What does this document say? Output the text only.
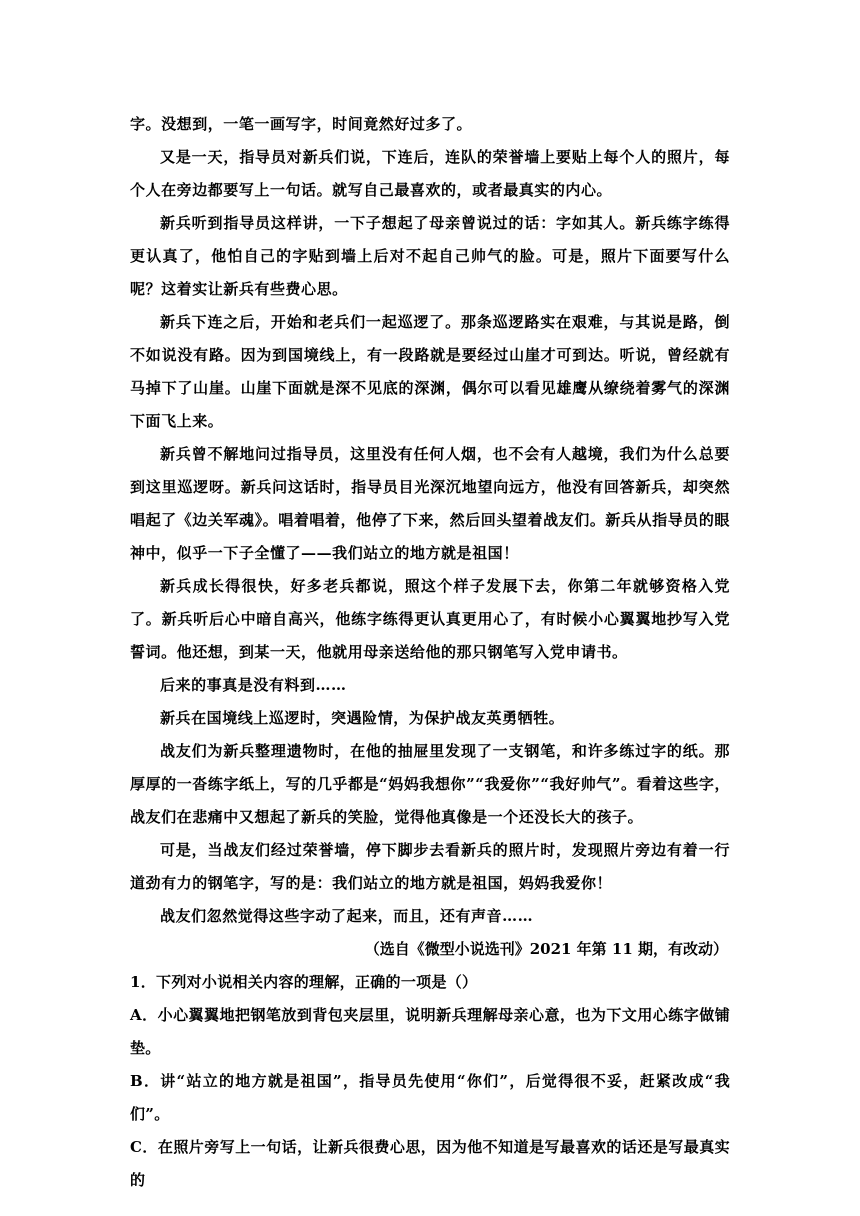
字。没想到，一笔一画写字，时间竟然好过多了。

又是一天，指导员对新兵们说，下连后，连队的荣誉墙上要贴上每个人的照片，每个人在旁边都要写上一句话。就写自己最喜欢的，或者最真实的内心。

新兵听到指导员这样讲，一下子想起了母亲曾说过的话：字如其人。新兵练字练得更认真了，他怕自己的字贴到墙上后对不起自己帅气的脸。可是，照片下面要写什么呢？这着实让新兵有些费心思。

新兵下连之后，开始和老兵们一起巡逻了。那条巡逻路实在艰难，与其说是路，倒不如说没有路。因为到国境线上，有一段路就是要经过山崖才可到达。听说，曾经就有马掉下了山崖。山崖下面就是深不见底的深渊，偶尔可以看见雄鹰从缭绕着雾气的深渊下面飞上来。

新兵曾不解地问过指导员，这里没有任何人烟，也不会有人越境，我们为什么总要到这里巡逻呀。新兵问这话时，指导员目光深沉地望向远方，他没有回答新兵，却突然唱起了《边关军魂》。唱着唱着，他停了下来，然后回头望着战友们。新兵从指导员的眼神中，似乎一下子全懂了——我们站立的地方就是祖国！

新兵成长得很快，好多老兵都说，照这个样子发展下去，你第二年就够资格入党了。新兵听后心中暗自高兴，他练字练得更认真更用心了，有时候小心翼翼地抄写入党誓词。他还想，到某一天，他就用母亲送给他的那只钢笔写入党申请书。

后来的事真是没有料到……

新兵在国境线上巡逻时，突遇险情，为保护战友英勇牺牲。

战友们为新兵整理遗物时，在他的抽屉里发现了一支钢笔，和许多练过字的纸。那厚厚的一沓练字纸上，写的几乎都是“妈妈我想你”“我爱你”“我好帅气”。看着这些字，战友们在悲痛中又想起了新兵的笑脸，觉得他真像是一个还没长大的孩子。

可是，当战友们经过荣誉墙，停下脚步去看新兵的照片时，发现照片旁边有着一行道劲有力的钢笔字，写的是：我们站立的地方就是祖国，妈妈我爱你！

战友们忽然觉得这些字动了起来，而且，还有声音……

（选自《微型小说选刊》2021 年第 11 期，有改动）

1．下列对小说相关内容的理解，正确的一项是（）

A．小心翼翼地把钢笔放到背包夹层里，说明新兵理解母亲心意，也为下文用心练字做铺垫。

B．讲“站立的地方就是祖国”，指导员先使用“你们”，后觉得很不妥，赶紧改成“我们”。

C．在照片旁写上一句话，让新兵很费心思，因为他不知道是写最喜欢的话还是写最真实的
